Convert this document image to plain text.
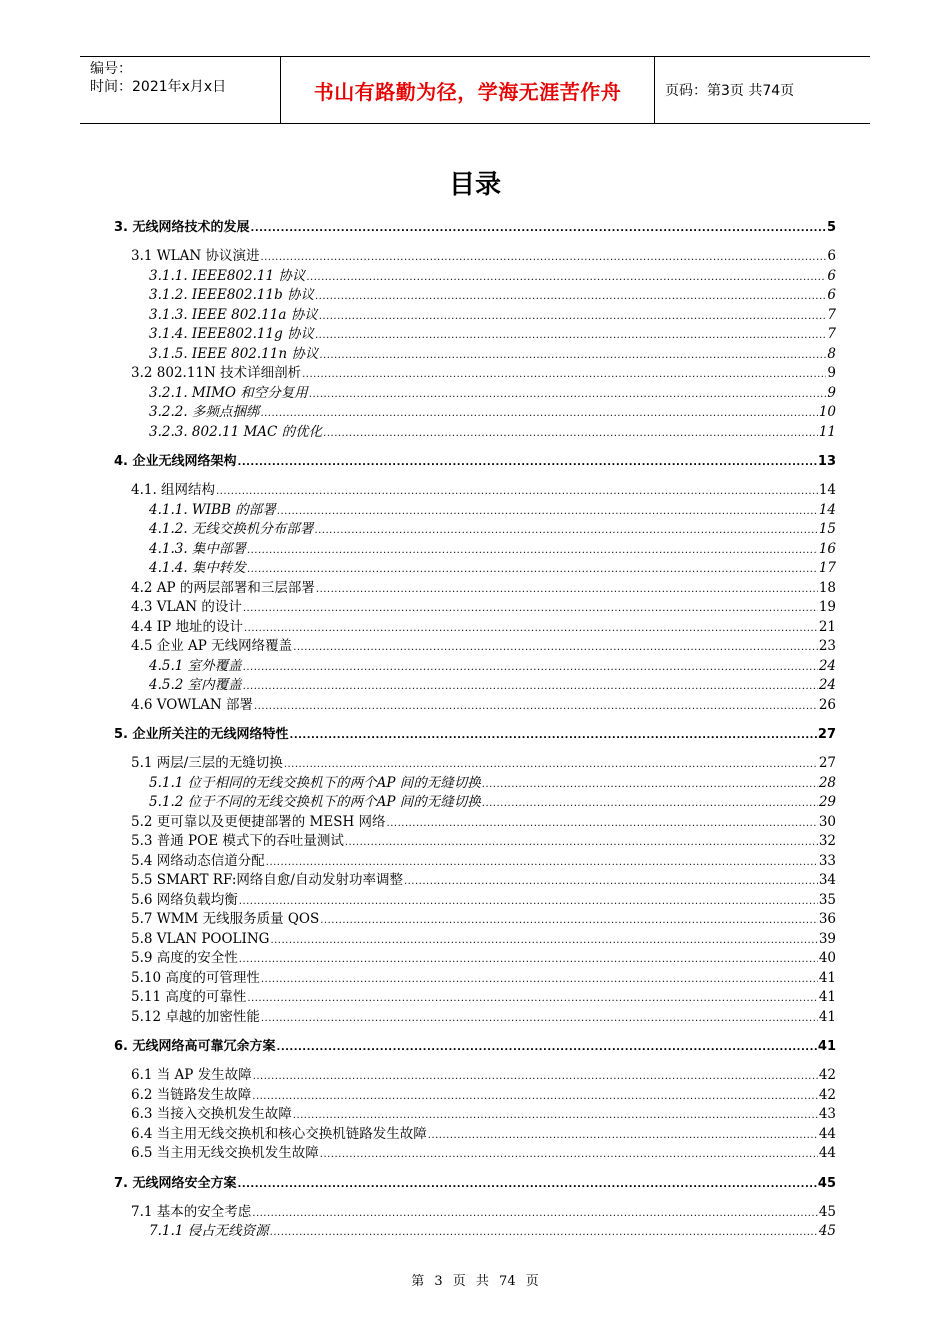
编号：
时间：2021年x月x日	书山有路勤为径，学海无涯苦作舟	页码：第3页 共74页
目录
3. 无线网络技术的发展 .....	5
3.1 WLAN 协议演进 .....	6
3.1.1. IEEE802.11 协议 .....	6
3.1.2. IEEE802.11b 协议 .....	6
3.1.3. IEEE 802.11a 协议 .....	7
3.1.4. IEEE802.11g 协议 .....	7
3.1.5. IEEE 802.11n 协议 .....	8
3.2 802.11N 技术详细剖析 .....	9
3.2.1. MIMO 和空分复用 .....	9
3.2.2. 多频点捆绑 .....	10
3.2.3. 802.11 MAC 的优化 .....	11
4. 企业无线网络架构 .....	13
4.1. 组网结构 .....	14
4.1.1. WIBB 的部署 .....	14
4.1.2. 无线交换机分布部署 .....	15
4.1.3. 集中部署 .....	16
4.1.4. 集中转发 .....	17
4.2 AP 的两层部署和三层部署 .....	18
4.3 VLAN 的设计 .....	19
4.4 IP 地址的设计 .....	21
4.5 企业 AP 无线网络覆盖 .....	23
4.5.1 室外覆盖 .....	24
4.5.2 室内覆盖 .....	24
4.6 VOWLAN 部署 .....	26
5. 企业所关注的无线网络特性 .....	27
5.1 两层/三层的无缝切换 .....	27
5.1.1 位于相同的无线交换机下的两个AP 间的无缝切换 .....	28
5.1.2 位于不同的无线交换机下的两个AP 间的无缝切换 .....	29
5.2 更可靠以及更便捷部署的 MESH 网络 .....	30
5.3 普通 POE 模式下的吞吐量测试 .....	32
5.4 网络动态信道分配 .....	33
5.5 SMART RF:网络自愈/自动发射功率调整 .....	34
5.6 网络负载均衡 .....	35
5.7 WMM 无线服务质量 QOS .....	36
5.8 VLAN POOLING .....	39
5.9 高度的安全性 .....	40
5.10 高度的可管理性 .....	41
5.11 高度的可靠性 .....	41
5.12 卓越的加密性能 .....	41
6. 无线网络高可靠冗余方案 .....	41
6.1 当 AP 发生故障 .....	42
6.2 当链路发生故障 .....	42
6.3 当接入交换机发生故障 .....	43
6.4 当主用无线交换机和核心交换机链路发生故障 .....	44
6.5 当主用无线交换机发生故障 .....	44
7. 无线网络安全方案 .....	45
7.1 基本的安全考虑 .....	45
7.1.1 侵占无线资源 .....	45
第 3 页 共 74 页
